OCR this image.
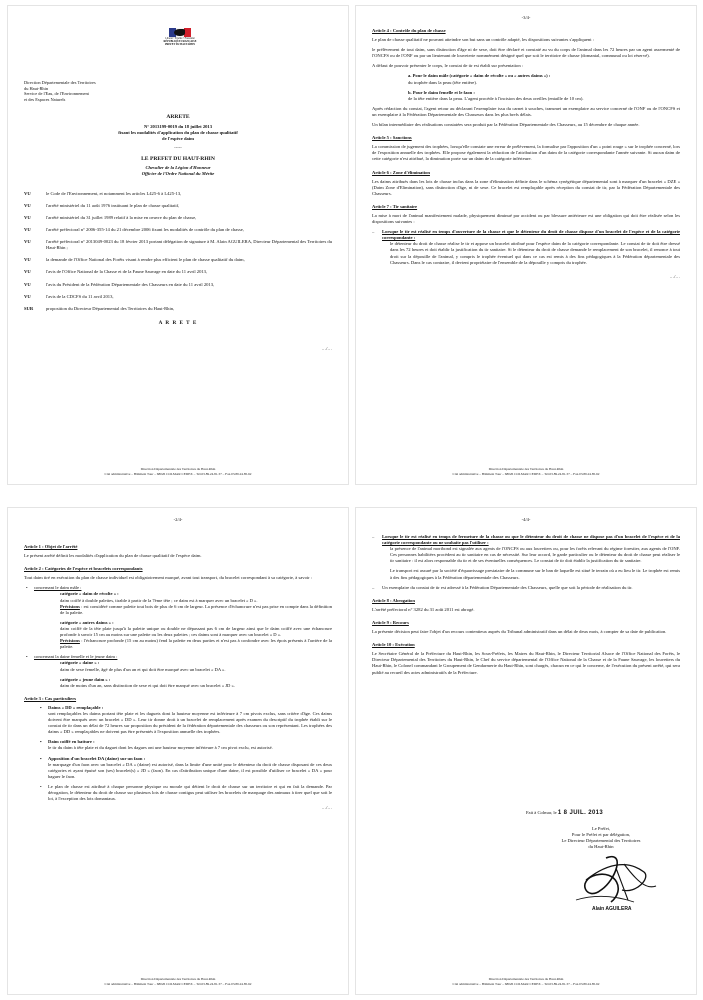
Liberté • Égalité • Fraternité
RÉPUBLIQUE FRANÇAISE
PREFET DU HAUT-RHIN
Direction Départementale des Territoires
du Haut-Rhin
Service de l'Eau, de l'Environnement
et des Espaces Naturels
ARRETE
N° 2013199-0019 du 18 juillet 2013
fixant les modalités d'application du plan de chasse qualitatif
de l'espèce daim
-----
LE PREFET DU HAUT-RHIN
Chevalier de la Légion d'Honneur
Officier de l'Ordre National du Mérite
VU	le Code de l'Environnement, et notamment les articles L425-6 à L425-13,
VU	l'arrêté ministériel du 11 août 1976 instituant le plan de chasse qualitatif,
VU	l'arrêté ministériel du 31 juillet 1989 relatif à la mise en oeuvre du plan de chasse,
VU	l'arrêté préfectoral n° 2006-355-14 du 21 décembre 2006 fixant les modalités de contrôle du plan de chasse,
VU	l'arrêté préfectoral n° 2013049-0023 du 18 février 2013 portant délégation de signature à M. Alain AGUILERA, Directeur Départemental des Territoires du Haut-Rhin ;
VU	la demande de l'Office National des Forêts visant à rendre plus efficient le plan de chasse qualitatif du daim,
VU	l'avis de l'Office National de la Chasse et de la Faune Sauvage en date du 11 avril 2013,
VU	l'avis du Président de la Fédération Départementale des Chasseurs en date du 11 avril 2013,
VU	l'avis de la CDCFS du 11 avril 2013,
SUR	proposition du Directeur Départemental des Territoires du Haut-Rhin,
A R R E T E
…/…
Direction Départementale des Territoires du Haut-Rhin
Cité administrative – Bâtiment Tour – 68026 COLMAR CEDEX – Tél.03.89.24.81.37 – Fax.03.89.24.85.62
-3/4-
Article 4 : Contrôle du plan de chasse

Le plan de chasse qualitatif ne pouvant atteindre son but sans un contrôle adapté, les dispositions suivantes s'appliquent :

le prélèvement de tout daim, sans distinction d'âge ni de sexe, doit être déclaré et constaté au vu du corps de l'animal dans les 72 heures par un agent assermenté de l'ONCFS ou de l'ONF ou par un lieutenant de louveterie nommément désigné quel que soit le territoire de chasse (domanial, communal ou lot réservé).

A défaut de pouvoir présenter le corps, le constat de tir est établi sur présentation :

a. Pour le daim mâle (catégorie « daim de récolte » ou « autres daims ») :

du trophée dans la peau (tête entière).

b. Pour le daim femelle et le faon :

de la tête entière dans la peau. L'agent procède à l'incision des deux oreilles (entaille de 10 cm).

Après rédaction du constat, l'agent retour au déclarant l'exemplaire issu du carnet à souches, transmet un exemplaire au service concerné de l'ONF ou de l'ONCFS et un exemplaire à la Fédération Départementale des Chasseurs dans les plus brefs délais.

Un bilan intermédiaire des réalisations constatées sera produit par la Fédération Départementale des Chasseurs, au 15 décembre de chaque année.

Article 5 : Sanctions

La commission de jugement des trophées, lorsqu'elle constate une erreur de prélèvement, la formalise par l'apposition d'un « point rouge » sur le trophée concerné, lors de l'exposition annuelle des trophées. Elle propose également la réduction de l'attribution d'un daim de la catégorie correspondante l'année suivante. Si aucun daim de cette catégorie n'est attribué, la diminution porte sur un daim de la catégorie inférieure.

Article 6 : Zone d'élimination

Les daims attribués dans les lots de chasse inclus dans la zone d'élimination définie dans le schéma cynégétique départemental sont à marquer d'un bracelet « DZE » (Daim Zone d'Elimination), sans distinction d'âge, ni de sexe. Ce bracelet est remplaçable après réception du constat de tir, par la Fédération Départementale des Chasseurs.

Article 7 : Tir sanitaire

La mise à mort de l'animal manifestement malade, physiquement diminué par accident ou par blessure antérieure est une obligation qui doit être réalisée selon les dispositions suivantes :

– Lorsque le tir est réalisé en temps d'ouverture de la chasse et que le détenteur du droit de chasse dispose d'un bracelet de l'espèce et de la catégorie correspondante :

le détenteur du droit de chasse réalise le tir et appose un bracelet attribué pour l'espèce daim de la catégorie correspondante. Le constat de tir doit être dressé dans les 72 heures et doit établir la justification du tir sanitaire. Si le détenteur du droit de chasse demande le remplacement de son bracelet, il renonce à tout droit sur la dépouille de l'animal, y compris le trophée éventuel qui dans ce cas est remis à des fins pédagogiques à la Fédération départementale des Chasseurs. Dans le cas contraire, il devient propriétaire de l'ensemble de la dépouille y compris du trophée.

…/…
Direction Départementale des Territoires du Haut-Rhin
Cité administrative – Bâtiment Tour – 68026 COLMAR CEDEX – Tél.03.89.24.81.37 – Fax.03.89.24.85.62
-2/4-
Article 1 : Objet de l'arrêté

Le présent arrêté définit les modalités d'application du plan de chasse qualitatif de l'espèce daim.

Article 2 : Catégories de l'espèce et bracelets correspondants

Tout daim tiré en exécution du plan de chasse individuel est obligatoirement marqué, avant tout transport, du bracelet correspondant à sa catégorie, à savoir :

• concernant le daim mâle :
catégorie « daim de récolte » :
daim coiffé à double palettes, tirable à partir de la 7ème tête ; ce daim est à marquer avec un bracelet « D ».

Précisions : est considéré comme palette tout bois de plus de 6 cm de largeur. La présence d'échancrure n'est pas prise en compte dans la définition de la palette.

catégorie « autres daims » :
daim coiffé de la tête plate jusqu'à la palette unique ou double ne dépassant pas 6 cm de largeur ainsi que le daim coiffé avec une échancrure profonde à savoir 15 cm au moins sur une palette ou les deux palettes ; ces daims sont à marquer avec un bracelet « D ».

Précisions : l'échancrure profonde (15 cm au moins) fend la palette en deux parties et n'est pas à confondre avec les épois présents à l'arrière de la palette.

• concernant la daine femelle et le jeune daim :
catégorie « daine » :

daim de sexe femelle, âgé de plus d'un an et qui doit être marqué avec un bracelet « DA ».

catégorie « jeune daim » :

daim de moins d'un an, sans distinction de sexe et qui doit être marqué avec un bracelet « JD ».

Article 3 : Cas particuliers
• Daims « DD » remplaçable :

sont remplaçables les daims portant tête plate et les daguets dont la hauteur moyenne est inférieure à 7 cm pivots exclus, sans critère d'âge. Ces daims doivent être marqués avec un bracelet « DD ». Leur tir donne droit à un bracelet de remplacement après examen du descriptif du trophée établi sur le constat de tir dans un délai de 72 heures sur proposition du président de la fédération départementale des chasseurs ou son représentant. Les trophées des daims « DD » remplaçables ne doivent pas être présentés à l'exposition annuelle des trophées.

• Daim coiffé en batture :

le tir du daim à tête plate et du daguet dont les dagues ont une hauteur moyenne inférieure à 7 cm pivot exclu, est autorisé.

• Apposition d'un bracelet DA (daine) sur un faon :

le marquage d'un faon avec un bracelet « DA » (daine) est autorisé, dans la limite d'une unité pour le détenteur du droit de chasse disposant de ces deux catégories et ayant épuisé son (ses) bracelet(s) « JD » (faon). En cas d'attribution unique d'une daine, il est possible d'utiliser ce bracelet « DA » pour baguer le faon.

• Le plan de chasse est attribué à chaque personne physique ou morale qui détient le droit de chasse sur un territoire et qui en fait la demande. Par dérogation, le détenteur du droit de chasse sur plusieurs lots de chasse contigus peut utiliser les bracelets de marquage des animaux à tirer quel que soit le lot, à l'exception des lots domaniaux.
…/…
Direction Départementale des Territoires du Haut-Rhin
Cité administrative – Bâtiment Tour – 68026 COLMAR CEDEX – Tél.03.89.24.81.37 – Fax.03.89.24.85.62
-4/4-
– Lorsque le tir est réalisé en temps de fermeture de la chasse ou que le détenteur du droit de chasse ne dispose pas d'un bracelet de l'espèce et de la catégorie correspondante ou ne souhaite pas l'utiliser :

la présence de l'animal moribond est signalée aux agents de l'ONCFS ou aux louvetiers ou, pour les forêts relevant du régime forestier, aux agents de l'ONF. Ces personnes habilitées procèdent au tir sanitaire en cas de nécessité. Sur leur accord, le garde particulier ou le détenteur du droit de chasse peut réaliser le tir sanitaire : il est alors responsable du tir et de ses éventuelles conséquences. Le constat de tir doit établir la justification du tir sanitaire.

Le transport est assuré par la société d'équarrissage prestataire de la commune sur le ban de laquelle est situé le terrain où a eu lieu le tir. Le trophée est remis à des fins pédagogiques à la Fédération départementale des Chasseurs.

– Un exemplaire du constat de tir est adressé à la Fédération Départementale des Chasseurs, quelle que soit la période de réalisation du tir.
Article 8 : Abrogation

L'arrêté préfectoral n° 3282 du 31 août 2011 est abrogé.

Article 9 : Recours

La présente décision peut faire l'objet d'un recours contentieux auprès du Tribunal administratif dans un délai de deux mois, à compter de sa date de publication.

Article 10 : Exécution

Le Secrétaire Général de la Préfecture du Haut-Rhin, les Sous-Préfets, les Maires du Haut-Rhin, le Directeur Territorial Alsace de l'Office National des Forêts, le Directeur Départemental des Territoires du Haut-Rhin, le Chef du service départemental de l'Office National de la Chasse et de la Faune Sauvage, les louvetiers du Haut-Rhin, le Colonel commandant le Groupement de Gendarmerie du Haut-Rhin, sont chargés, chacun en ce qui le concerne, de l'exécution du présent arrêté, qui sera publié au recueil des actes administratifs de la Préfecture.

Fait à Colmar, le 1 8 JUIL. 2013
Le Préfet,
Pour le Préfet et par délégation,
Le Directeur Départemental des Territoires
du Haut-Rhin
Alain AGUILERA
Direction Départementale des Territoires du Haut-Rhin
Cité administrative – Bâtiment Tour – 68026 COLMAR CEDEX – Tél.03.89.24.81.37 – Fax.03.89.24.85.62
